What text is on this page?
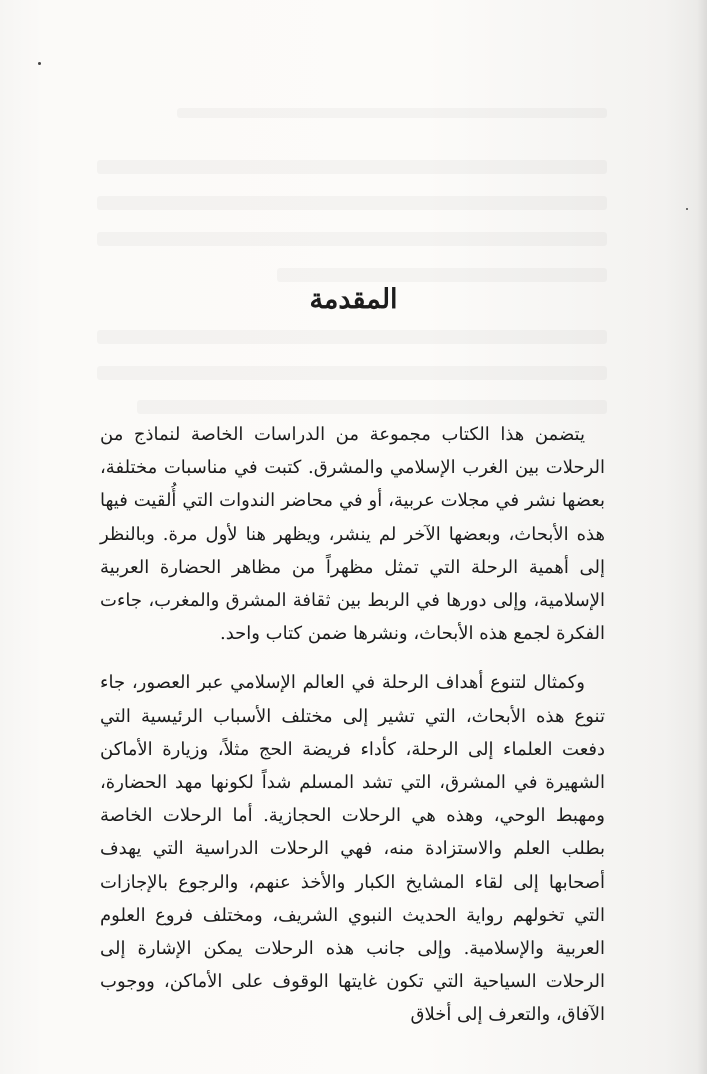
المقدمة

يتضمن هذا الكتاب مجموعة من الدراسات الخاصة لنماذج من الرحلات بين الغرب الإسلامي والمشرق. كتبت في مناسبات مختلفة، بعضها نشر في مجلات عربية، أو في محاضر الندوات التي أُلقيت فيها هذه الأبحاث، وبعضها الآخر لم ينشر، ويظهر هنا لأول مرة. وبالنظر إلى أهمية الرحلة التي تمثل مظهراً من مظاهر الحضارة العربية الإسلامية، وإلى دورها في الربط بين ثقافة المشرق والمغرب، جاءت الفكرة لجمع هذه الأبحاث، ونشرها ضمن كتاب واحد.

وكمثال لتنوع أهداف الرحلة في العالم الإسلامي عبر العصور، جاء تنوع هذه الأبحاث، التي تشير إلى مختلف الأسباب الرئيسية التي دفعت العلماء إلى الرحلة، كأداء فريضة الحج مثلاً، وزيارة الأماكن الشهيرة في المشرق، التي تشد المسلم شداً لكونها مهد الحضارة، ومهبط الوحي، وهذه هي الرحلات الحجازية. أما الرحلات الخاصة بطلب العلم والاستزادة منه، فهي الرحلات الدراسية التي يهدف أصحابها إلى لقاء المشايخ الكبار والأخذ عنهم، والرجوع بالإجازات التي تخولهم رواية الحديث النبوي الشريف، ومختلف فروع العلوم العربية والإسلامية. وإلى جانب هذه الرحلات يمكن الإشارة إلى الرحلات السياحية التي تكون غايتها الوقوف على الأماكن، ووجوب الآفاق، والتعرف إلى أخلاق
